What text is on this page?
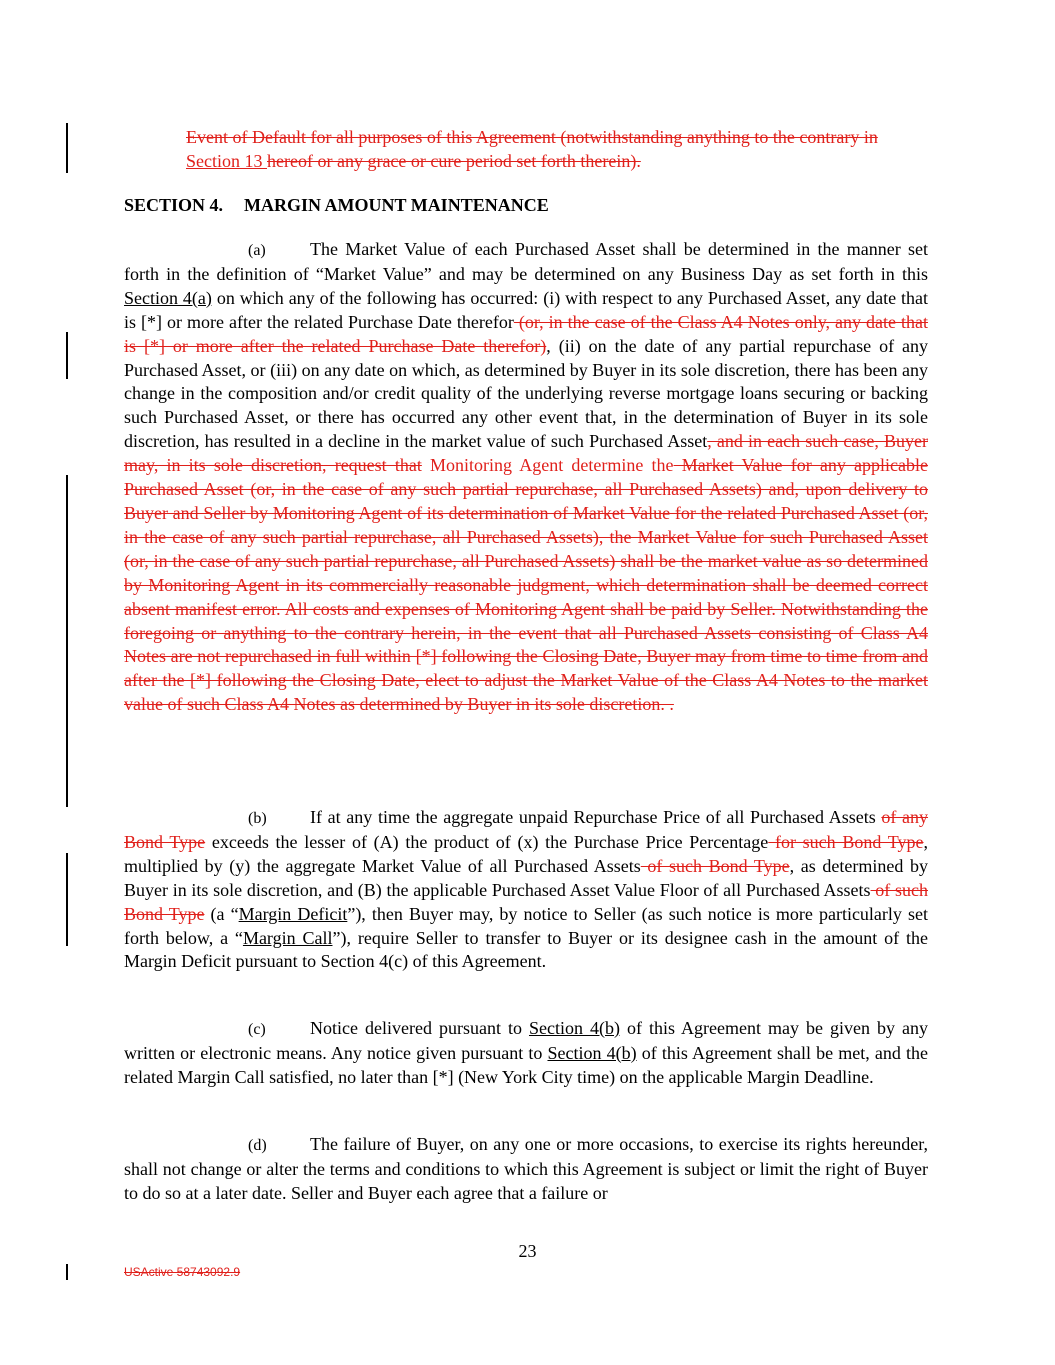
Event of Default for all purposes of this Agreement (notwithstanding anything to the contrary in Section 13 hereof or any grace or cure period set forth therein).
SECTION 4. MARGIN AMOUNT MAINTENANCE
(a) The Market Value of each Purchased Asset shall be determined in the manner set forth in the definition of “Market Value” and may be determined on any Business Day as set forth in this Section 4(a) on which any of the following has occurred: (i) with respect to any Purchased Asset, any date that is [*] or more after the related Purchase Date therefor (or, in the case of the Class A4 Notes only, any date that is [*] or more after the related Purchase Date therefor), (ii) on the date of any partial repurchase of any Purchased Asset, or (iii) on any date on which, as determined by Buyer in its sole discretion, there has been any change in the composition and/or credit quality of the underlying reverse mortgage loans securing or backing such Purchased Asset, or there has occurred any other event that, in the determination of Buyer in its sole discretion, has resulted in a decline in the market value of such Purchased Asset, and in each such case, Buyer may, in its sole discretion, request that Monitoring Agent determine the Market Value for any applicable Purchased Asset (or, in the case of any such partial repurchase, all Purchased Assets) and, upon delivery to Buyer and Seller by Monitoring Agent of its determination of Market Value for the related Purchased Asset (or, in the case of any such partial repurchase, all Purchased Assets), the Market Value for such Purchased Asset (or, in the case of any such partial repurchase, all Purchased Assets) shall be the market value as so determined by Monitoring Agent in its commercially reasonable judgment, which determination shall be deemed correct absent manifest error. All costs and expenses of Monitoring Agent shall be paid by Seller. Notwithstanding the foregoing or anything to the contrary herein, in the event that all Purchased Assets consisting of Class A4 Notes are not repurchased in full within [*] following the Closing Date, Buyer may from time to time from and after the [*] following the Closing Date, elect to adjust the Market Value of the Class A4 Notes to the market value of such Class A4 Notes as determined by Buyer in its sole discretion. .
(b) If at any time the aggregate unpaid Repurchase Price of all Purchased Assets of any Bond Type exceeds the lesser of (A) the product of (x) the Purchase Price Percentage for such Bond Type, multiplied by (y) the aggregate Market Value of all Purchased Assets of such Bond Type, as determined by Buyer in its sole discretion, and (B) the applicable Purchased Asset Value Floor of all Purchased Assets of such Bond Type (a “Margin Deficit”), then Buyer may, by notice to Seller (as such notice is more particularly set forth below, a “Margin Call”), require Seller to transfer to Buyer or its designee cash in the amount of the Margin Deficit pursuant to Section 4(c) of this Agreement.
(c) Notice delivered pursuant to Section 4(b) of this Agreement may be given by any written or electronic means. Any notice given pursuant to Section 4(b) of this Agreement shall be met, and the related Margin Call satisfied, no later than [*] (New York City time) on the applicable Margin Deadline.
(d) The failure of Buyer, on any one or more occasions, to exercise its rights hereunder, shall not change or alter the terms and conditions to which this Agreement is subject or limit the right of Buyer to do so at a later date. Seller and Buyer each agree that a failure or
23
USActive 58743092.9
